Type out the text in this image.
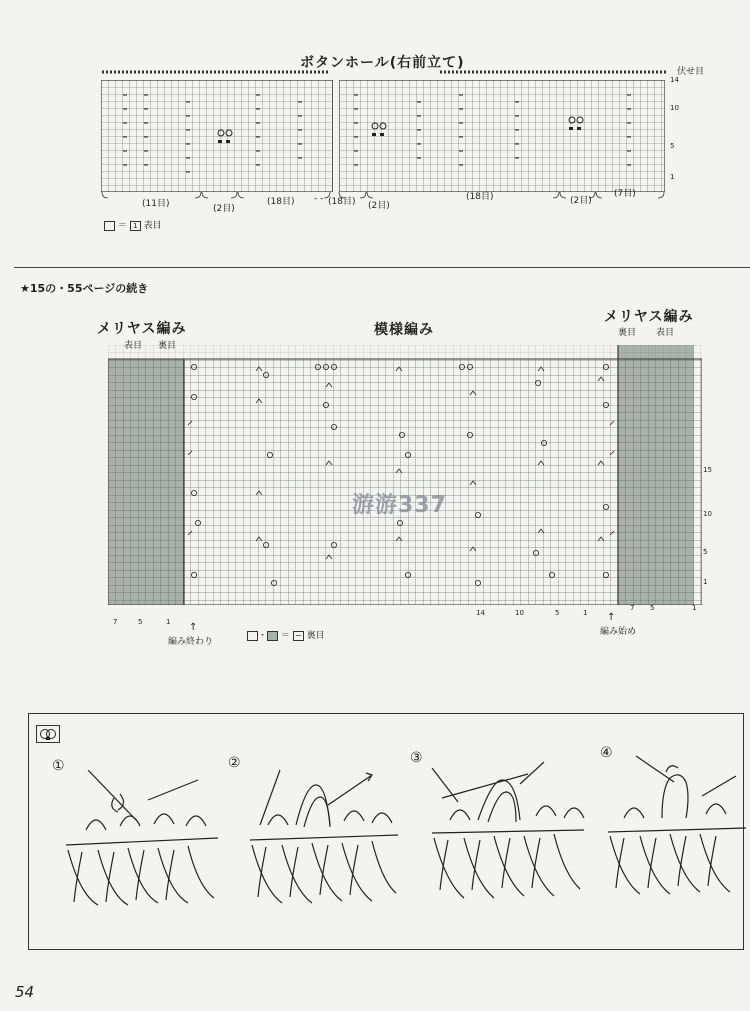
ボタンホール(右前立て)
伏せ目
14
10
5
1
(11目)	(2目)
(18目)	(18目) (2目)
(18目)	(2目)
(7目)
- -
＝ 1 表目
★15の・55ページの続き
メリヤス編み
表目 裏目
模様編み
メリヤス編み
裏目 表目
游游337
15
10
5
1
7	5	1
14	10	5	1
7 5	1
↑
編み終わり
↑
編み始め
・ ＝ − 裏目
①	②	③	④
54
